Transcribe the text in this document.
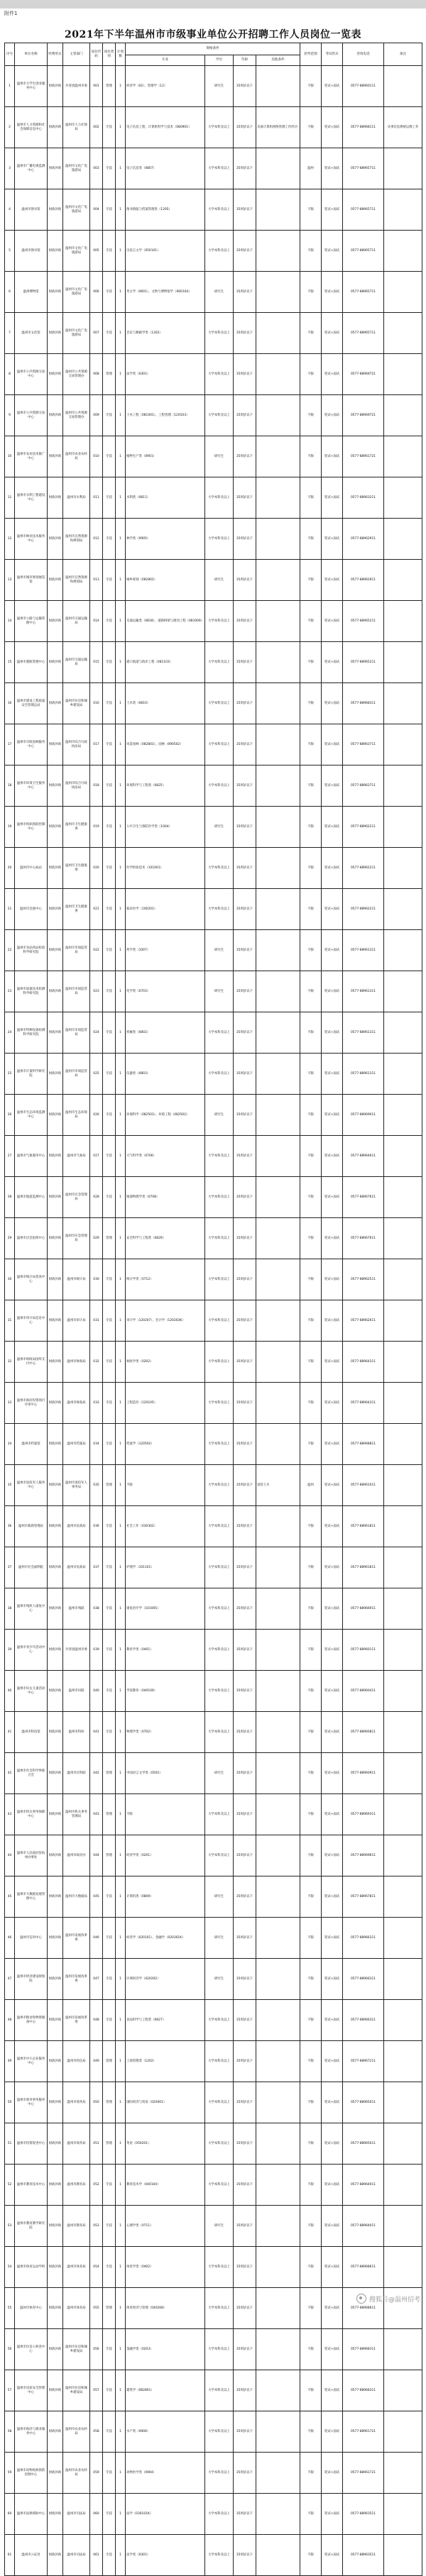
附件1
2021年下半年温州市市级事业单位公开招聘工作人员岗位一览表
序号	单位名称	经费形式	主管部门	岗位代码	岗位类别	计划数	资格条件				招考范围	考试形式	咨询电话	备注
							专业	学历	年龄	其他条件				
1	温州市大学生创业服务中心	财政补助	共青团温州市委	001	管理	1	经济学（02）、管理学（12）	研究生	35周岁以下		不限	笔试+面试	0577-88960111	
2	温州市人力资源和社会保障信息中心	财政补助	温州市人力社保局	002	专技	1	电子信息工程、计算机科学与技术（080901）	大学本科及以上	35周岁以下	具备计算机网络管理工作经历	不限	笔试+面试	0577-88968111	从事信息系统运维工作
3	温州市广播电视监测中心	财政补助	温州市文化广电旅游局	003	专技	1	电子信息类（0807）	大学本科及以上	35周岁以下		温州	笔试+面试	0577-88965711	
4	温州市图书馆	财政补助	温州市文化广电旅游局	004	专技	1	图书情报与档案管理类（1205）	大学本科及以上	35周岁以下		不限	笔试+面试	0577-88965711	
5	温州市图书馆	财政补助	温州市文化广电旅游局	005	专技	1	汉语言文学（050101）	大学本科及以上	35周岁以下		不限	笔试+面试	0577-88965711	
6	温州博物馆	财政补助	温州市文化广电旅游局	006	专技	1	考古学（0601）、文物与博物馆学（060104）	研究生	35周岁以下		不限	笔试+面试	0577-88965711	
7	温州市文化馆	财政补助	温州市文化广电旅游局	007	专技	1	音乐与舞蹈学类（1302）	大学本科及以上	35周岁以下		不限	笔试+面试	0577-88965711	
8	温州市公共资源交易中心	财政补助	温州市公共资源交易管理办	008	管理	1	法学类（0301）	大学本科及以上	35周岁以下		不限	笔试+面试	0577-88969721	
9	温州市公共资源交易中心	财政补助	温州市公共资源交易管理办	009	专技	1	土木工程（081001）、工程管理（120103）	大学本科及以上	35周岁以下		不限	笔试+面试	0577-88969721	
10	温州市农业技术推广中心	财政补助	温州市农业农村局	010	专技	1	植物生产类（0901）	研究生	35周岁以下		不限	笔试+面试	0577-88961721	
11	温州市水利工程建设中心	财政补助	温州市水利局	011	专技	1	水利类（0811）	大学本科及以上	35周岁以下		不限	笔试+面试	0577-88963211	
12	温州市林业技术服务中心	财政补助	温州市自然资源和规划局	012	专技	1	林学类（0905）	大学本科及以上	35周岁以下		不限	笔试+面试	0577-88962911	
13	温州市城市规划展览馆	财政补助	温州市自然资源和规划局	013	专技	1	城乡规划（082802）	研究生	35周岁以下		不限	笔试+面试	0577-88962911	
14	温州市公路与运输管理中心	财政补助	温州市交通运输局	014	专技	1	交通运输类（0818）、道路桥梁与渡河工程（081006）	大学本科及以上	35周岁以下		不限	笔试+面试	0577-88965211	
15	温州市港航管理中心	财政补助	温州市交通运输局	015	专技	1	港口航道与海岸工程（081103）	大学本科及以上	35周岁以下		不限	笔试+面试	0577-88965211	
16	温州市建设工程质量安全管理总站	财政补助	温州市住房和城乡建设局	016	专技	1	土木类（0810）	大学本科及以上	35周岁以下		不限	笔试+面试	0577-88968311	
17	温州市市政园林服务中心	财政补助	温州市综合行政执法局	017	专技	1	风景园林（082803）、园林（090502）	大学本科及以上	35周岁以下		不限	笔试+面试	0577-88963711	
18	温州市环境卫生服务中心	财政补助	温州市综合行政执法局	018	专技	1	环境科学与工程类（0825）	大学本科及以上	35周岁以下		不限	笔试+面试	0577-88963711	
19	温州市疾病预防控制中心	财政补助	温州市卫生健康委	019	专技	1	公共卫生与预防医学类（1004）	研究生	35周岁以下		不限	笔试+面试	0577-88962211	
20	温州市中心血站	财政补助	温州市卫生健康委	020	专技	1	医学检验技术（101001）	大学本科及以上	35周岁以下		不限	笔试+面试	0577-88962211	
21	温州市急救中心	财政补助	温州市卫生健康委	021	专技	1	临床医学（100201）	大学本科及以上	35周岁以下		不限	笔试+面试	0577-88962211	
22	温州市食品药品检验科学研究院	财政补助	温州市市场监管局	022	专技	1	药学类（1007）	研究生	35周岁以下		不限	笔试+面试	0577-88961311	
23	温州市质量技术检测科学研究院	财政补助	温州市市场监管局	023	专技	1	化学类（0703）	研究生	35周岁以下		不限	笔试+面试	0577-88961311	
24	温州市特种设备检测科学研究院	财政补助	温州市市场监管局	024	专技	1	机械类（0802）	大学本科及以上	35周岁以下		不限	笔试+面试	0577-88961311	
25	温州市计量科学研究院	财政补助	温州市市场监管局	025	专技	1	仪器类（0803）	大学本科及以上	35周岁以下		不限	笔试+面试	0577-88961311	
26	温州市生态环境监测中心	财政补助	温州市生态环境局	026	专技	1	环境科学（082503）、环境工程（082502）	研究生	35周岁以下		不限	笔试+面试	0577-88969011	
27	温州市气象服务中心	财政补助	温州市气象局	027	专技	1	大气科学类（0706）	大学本科及以上	35周岁以下		不限	笔试+面试	0577-88964611	
28	温州市地震监测中心	财政补助	温州市应急管理局	028	专技	1	地球物理学类（0708）	大学本科及以上	35周岁以下		不限	笔试+面试	0577-88967611	
29	温州市应急指挥中心	财政补助	温州市应急管理局	029	管理	1	安全科学与工程类（0829）	大学本科及以上	35周岁以下		不限	笔试+面试	0577-88967611	
30	温州市统计局普查中心	财政补助	温州市统计局	030	专技	1	统计学类（0712）	大学本科及以上	35周岁以下		不限	笔试+面试	0577-88962511	
31	温州市审计局信息中心	财政补助	温州市审计局	031	专技	1	审计学（120207）、会计学（120203K）	大学本科及以上	35周岁以下		不限	笔试+面试	0577-88962611	
32	温州市财政局国库支付中心	财政补助	温州市财政局	032	专技	1	财政学类（0202）	大学本科及以上	35周岁以下		不限	笔试+面试	0577-88964311	
33	温州市政府投资项目评审中心	财政补助	温州市财政局	033	专技	1	工程造价（120105）	大学本科及以上	35周岁以下		不限	笔试+面试	0577-88964311	
34	温州市档案馆	财政补助	温州市档案局	034	专技	1	档案学（120502）	大学本科及以上	35周岁以下		不限	笔试+面试	0577-88968811	
35	温州市退役军人服务中心	财政补助	温州市退役军人事务局	035	管理	1	不限	大学本科及以上	35周岁以下	退役士兵	温州	笔试+面试	0577-88961011	
36	温州市救助管理站	财政补助	温州市民政局	036	专技	1	社会工作（030302）	大学本科及以上	35周岁以下		不限	笔试+面试	0577-88961811	
37	温州市社会福利院	财政补助	温州市民政局	037	专技	1	护理学（101101）	大学本科及以上	35周岁以下		不限	笔试+面试	0577-88961811	
38	温州市残疾人康复中心	财政补助	温州市残联	038	专技	1	康复治疗学（101005）	大学本科及以上	35周岁以下		不限	笔试+面试	0577-88966911	
39	温州市青少年活动中心	财政补助	共青团温州市委	039	专技	1	教育学类（0401）	大学本科及以上	35周岁以下		不限	笔试+面试	0577-88960111	
40	温州市妇女儿童活动中心	财政补助	温州市妇联	040	专技	1	学前教育（040106）	大学本科及以上	35周岁以下		不限	笔试+面试	0577-88960411	
41	温州市科技馆	财政补助	温州市科协	041	专技	1	物理学类（0702）	大学本科及以上	35周岁以下		不限	笔试+面试	0577-88960811	
42	温州市社会科学界联合会	财政补助	温州市社科联	042	管理	1	中国语言文学类（0501）	研究生	35周岁以下		不限	笔试+面试	0577-88960911	
43	温州市机关事务保障中心	财政补助	温州市机关事务管理局	043	管理	1	不限	大学本科及以上	35周岁以下		不限	笔试+面试	0577-88969311	
44	温州市人民政府驻杭州办事处	财政补助	温州市政府办	044	管理	1	经济学类（0201）	大学本科及以上	35周岁以下		不限	笔试+面试	0577-88969611	
45	温州市大数据发展管理中心	财政补助	温州市大数据局	045	专技	1	计算机类（0809）	研究生	35周岁以下		不限	笔试+面试	0577-88967811	
46	温州市信用中心	财政补助	温州市发展改革委	046	专技	1	经济学（020101）、金融学（020301K）	研究生	35周岁以下		不限	笔试+面试	0577-88966311	
47	温州市经济建设规划院	财政补助	温州市发展改革委	047	专技	1	区域经济学（020202）	研究生	35周岁以下		不限	笔试+面试	0577-88966311	
48	温州市粮食和物资储备中心	财政补助	温州市发展改革委	048	专技	1	食品科学与工程类（0827）	大学本科及以上	35周岁以下		不限	笔试+面试	0577-88966311	
49	温州市中小企业服务中心	财政补助	温州市经信局	049	管理	1	工商管理类（1202）	大学本科及以上	35周岁以下		不限	笔试+面试	0577-88967211	
50	温州市商务事务服务中心	财政补助	温州市商务局	050	管理	1	国际经济与贸易（020401）	大学本科及以上	35周岁以下		不限	笔试+面试	0577-88965011	
51	温州市投资促进中心	财政补助	温州市商务局	051	管理	1	英语（050201）	大学本科及以上	35周岁以下		不限	笔试+面试	0577-88965011	
52	温州市教育技术中心	财政补助	温州市教育局	052	专技	1	教育技术学（040104）	大学本科及以上	35周岁以下		不限	笔试+面试	0577-88964011	
53	温州市教育教学研究院	财政补助	温州市教育局	053	专技	1	心理学类（0711）	研究生	35周岁以下		不限	笔试+面试	0577-88964011	
54	温州市体育运动学校	财政补助	温州市体育局	054	专技	1	体育学类（0402）	大学本科及以上	35周岁以下		不限	笔试+面试	0577-88968611	
55	温州市体育中心	财政补助	温州市体育局	055	管理	1	体育经济与管理（040208）	大学本科及以上	35周岁以下		不限	笔试+面试	0577-88968611	
56	温州市住房公积金中心	财政补助	温州市住房和城乡建设局	056	专技	1	金融学类（0203）	大学本科及以上	35周岁以下		不限	笔试+面试	0577-88968311	
57	温州市房屋安全管理中心	财政补助	温州市住房和城乡建设局	057	专技	1	建筑学（082801）	大学本科及以上	35周岁以下		不限	笔试+面试	0577-88968311	
58	温州市海洋与渔业服务中心	财政补助	温州市农业农村局	058	专技	1	水产类（0906）	大学本科及以上	35周岁以下		不限	笔试+面试	0577-88961721	
59	温州市动物疫病预防控制中心	财政补助	温州市农业农村局	059	专技	1	动物医学类（0904）	大学本科及以上	35周岁以下		不限	笔试+面试	0577-88961721	
60	温州市法律援助中心	财政补助	温州市司法局	060	专技	1	法学（030101K）	大学本科及以上	35周岁以下		不限	笔试+面试	0577-88963511	
61	温州市公证处	财政补助	温州市司法局	061	专技	1	法学类（0301）	大学本科及以上	35周岁以下		不限	笔试+面试	0577-88963511	
搜狐号@温州招考
